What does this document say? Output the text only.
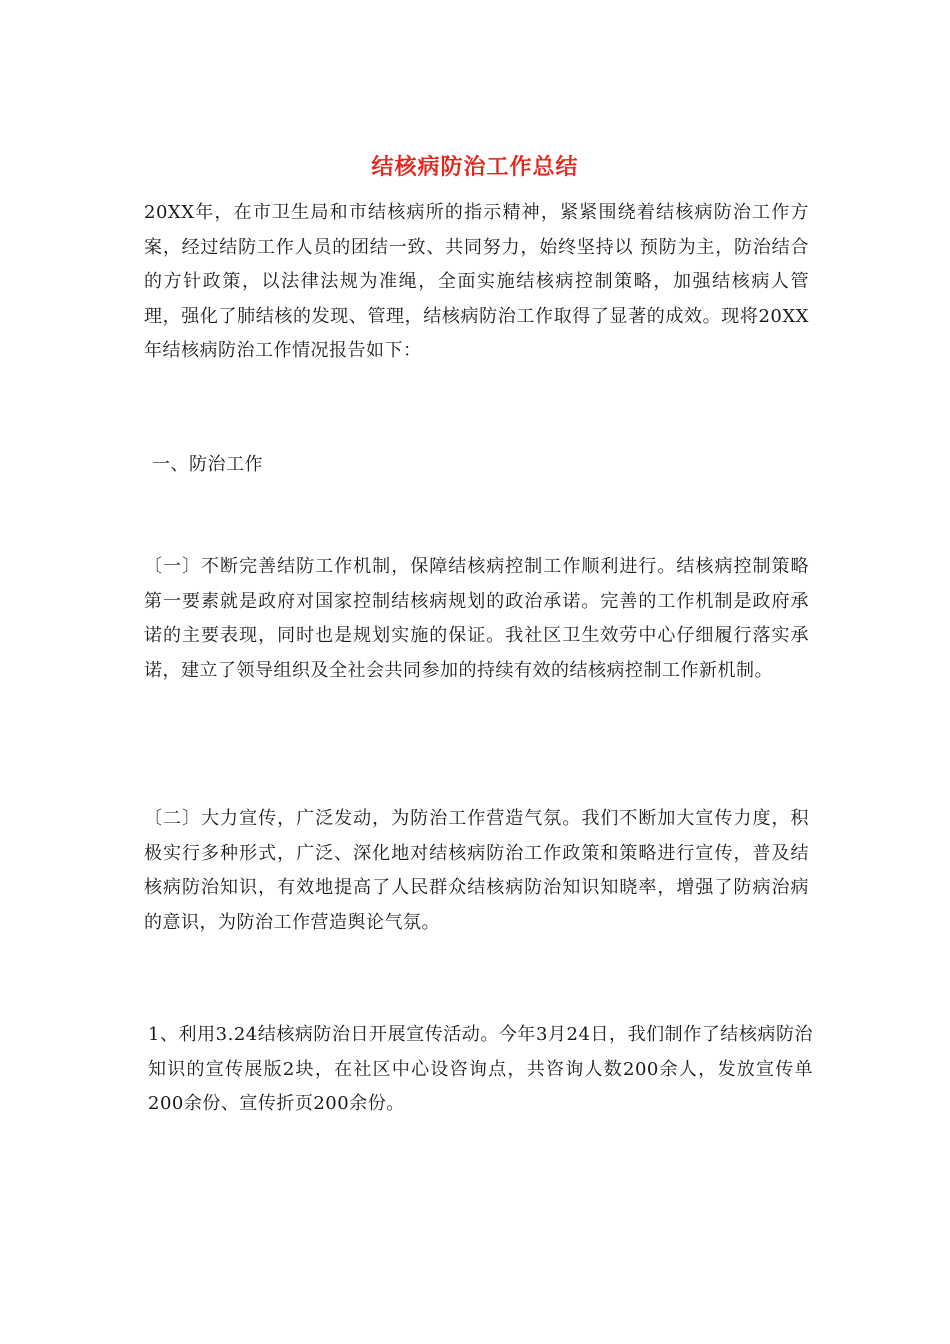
结核病防治工作总结

20XX年，在市卫生局和市结核病所的指示精神，紧紧围绕着结核病防治工作方案，经过结防工作人员的团结一致、共同努力，始终坚持以 预防为主，防治结合 的方针政策，以法律法规为准绳，全面实施结核病控制策略，加强结核病人管理，强化了肺结核的发现、管理，结核病防治工作取得了显著的成效。现将20XX年结核病防治工作情况报告如下：

一、防治工作

〔一〕不断完善结防工作机制，保障结核病控制工作顺利进行。结核病控制策略第一要素就是政府对国家控制结核病规划的政治承诺。完善的工作机制是政府承诺的主要表现，同时也是规划实施的保证。我社区卫生效劳中心仔细履行落实承诺，建立了领导组织及全社会共同参加的持续有效的结核病控制工作新机制。

〔二〕大力宣传，广泛发动，为防治工作营造气氛。我们不断加大宣传力度，积极实行多种形式，广泛、深化地对结核病防治工作政策和策略进行宣传，普及结核病防治知识，有效地提高了人民群众结核病防治知识知晓率，增强了防病治病的意识，为防治工作营造舆论气氛。

1、利用3.24结核病防治日开展宣传活动。今年3月24日，我们制作了结核病防治知识的宣传展版2块，在社区中心设咨询点，共咨询人数200余人，发放宣传单200余份、宣传折页200余份。
